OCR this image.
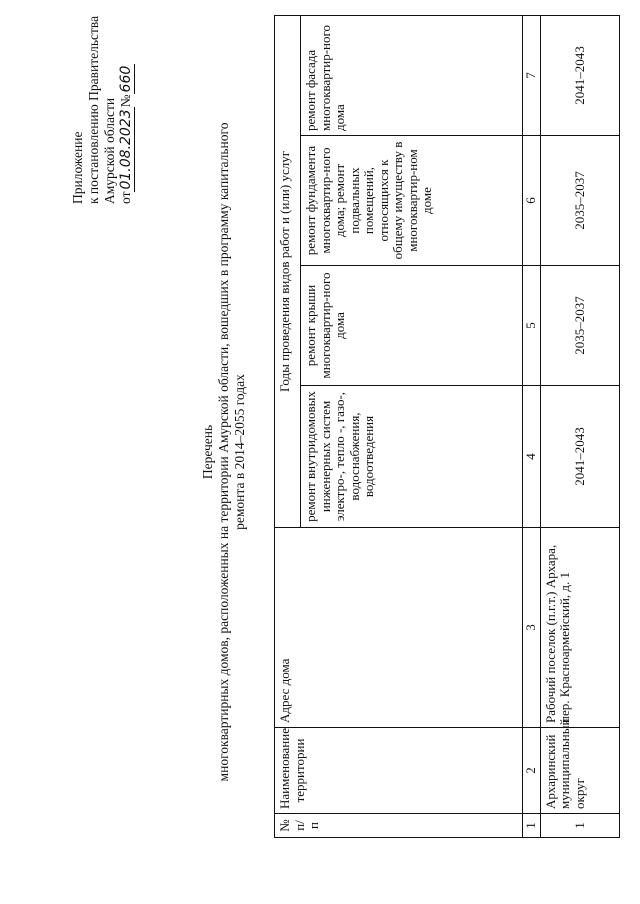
Приложение к постановлению Правительства Амурской области от01.08.2023№660
Перечень многоквартирных домов, расположенных на территории Амурской области, вошедших в программу капитального ремонта в 2014–2055 годах
№ п/п	Наименование территории	Адрес дома	Годы проведения видов работ и (или) услуг			
			ремонт внутридомовых инженерных систем электро-, тепло -, газо-, водоснабжения, водоотведения	ремонт крыши многоквартир-ного дома	ремонт фундамента многоквартир-ного дома; ремонт подвальных помещений, относящихся к общему имуществу в многоквартир-ном доме	ремонт фасада многоквартир-ного дома
1	2	3	4	5	6	7
1	Архаринский муниципальный округ	Рабочий поселок (п.г.т.) Архара, пер. Красноармейский, д. 1	2041–2043	2035–2037	2035–2037	2041–2043
